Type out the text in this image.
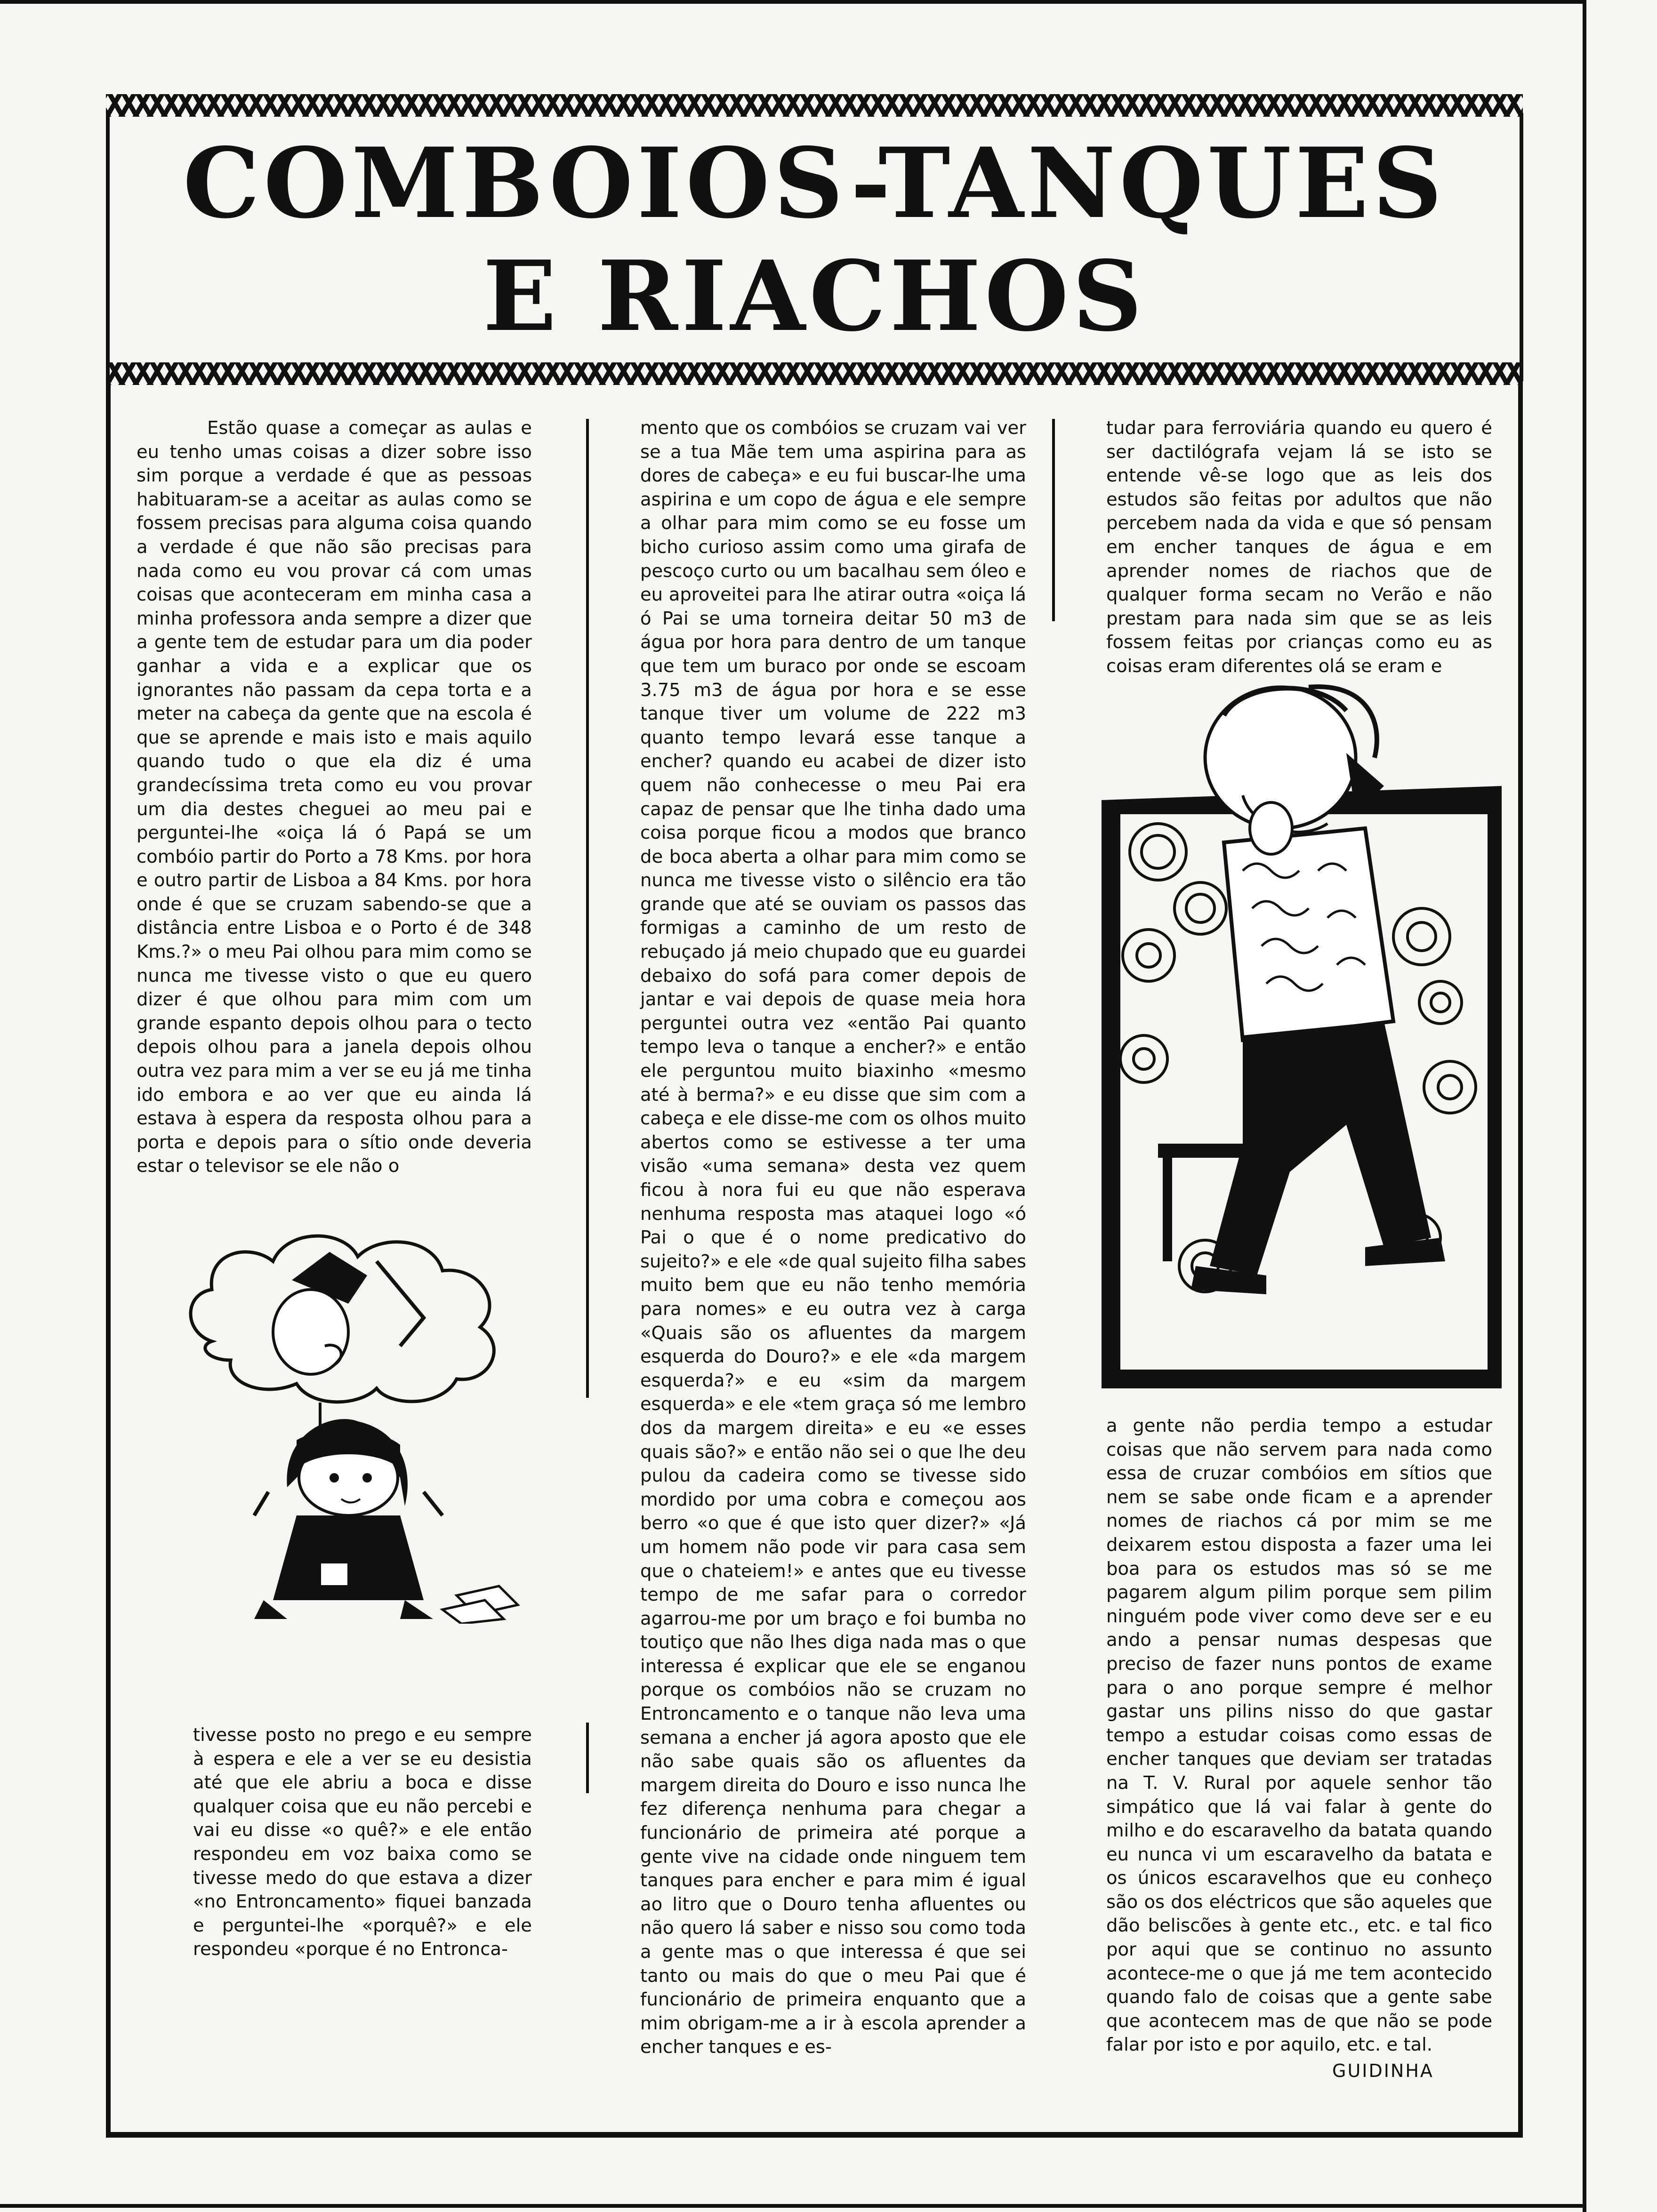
COMBOIOS-TANQUES
E RIACHOS

Estão quase a começar as aulas e eu tenho umas coisas a dizer sobre isso sim porque a verdade é que as pessoas habituaram-se a aceitar as aulas como se fossem precisas para alguma coisa quando a verdade é que não são precisas para nada como eu vou provar cá com umas coisas que aconteceram em minha casa a minha professora anda sempre a dizer que a gente tem de estudar para um dia poder ganhar a vida e a explicar que os ignorantes não passam da cepa torta e a meter na cabeça da gente que na escola é que se aprende e mais isto e mais aquilo quando tudo o que ela diz é uma grandecíssima treta como eu vou provar um dia destes cheguei ao meu pai e perguntei-lhe «oiça lá ó Papá se um combóio partir do Porto a 78 Kms. por hora e outro partir de Lisboa a 84 Kms. por hora onde é que se cruzam sabendo-se que a distância entre Lisboa e o Porto é de 348 Kms.?» o meu Pai olhou para mim como se nunca me tivesse visto o que eu quero dizer é que olhou para mim com um grande espanto depois olhou para o tecto depois olhou para a janela depois olhou outra vez para mim a ver se eu já me tinha ido embora e ao ver que eu ainda lá estava à espera da resposta olhou para a porta e depois para o sítio onde deveria estar o televisor se ele não o

tivesse posto no prego e eu sempre à espera e ele a ver se eu desistia até que ele abriu a boca e disse qualquer coisa que eu não percebi e vai eu disse «o quê?» e ele então respondeu em voz baixa como se tivesse medo do que estava a dizer «no Entroncamento» fiquei banzada e perguntei-lhe «porquê?» e ele respondeu «porque é no Entronca-

mento que os combóios se cruzam vai ver se a tua Mãe tem uma aspirina para as dores de cabeça» e eu fui buscar-lhe uma aspirina e um copo de água e ele sempre a olhar para mim como se eu fosse um bicho curioso assim como uma girafa de pescoço curto ou um bacalhau sem óleo e eu aproveitei para lhe atirar outra «oiça lá ó Pai se uma torneira deitar 50 m3 de água por hora para dentro de um tanque que tem um buraco por onde se escoam 3.75 m3 de água por hora e se esse tanque tiver um volume de 222 m3 quanto tempo levará esse tanque a encher? quando eu acabei de dizer isto quem não conhecesse o meu Pai era capaz de pensar que lhe tinha dado uma coisa porque ficou a modos que branco de boca aberta a olhar para mim como se nunca me tivesse visto o silêncio era tão grande que até se ouviam os passos das formigas a caminho de um resto de rebuçado já meio chupado que eu guardei debaixo do sofá para comer depois de jantar e vai depois de quase meia hora perguntei outra vez «então Pai quanto tempo leva o tanque a encher?» e então ele perguntou muito biaxinho «mesmo até à berma?» e eu disse que sim com a cabeça e ele disse-me com os olhos muito abertos como se estivesse a ter uma visão «uma semana» desta vez quem ficou à nora fui eu que não esperava nenhuma resposta mas ataquei logo «ó Pai o que é o nome predicativo do sujeito?» e ele «de qual sujeito filha sabes muito bem que eu não tenho memória para nomes» e eu outra vez à carga «Quais são os afluentes da margem esquerda do Douro?» e ele «da margem esquerda?» e eu «sim da margem esquerda» e ele «tem graça só me lembro dos da margem direita» e eu «e esses quais são?» e então não sei o que lhe deu pulou da cadeira como se tivesse sido mordido por uma cobra e começou aos berro «o que é que isto quer dizer?» «Já um homem não pode vir para casa sem que o chateiem!» e antes que eu tivesse tempo de me safar para o corredor agarrou-me por um braço e foi bumba no toutiço que não lhes diga nada mas o que interessa é explicar que ele se enganou porque os combóios não se cruzam no Entroncamento e o tanque não leva uma semana a encher já agora aposto que ele não sabe quais são os afluentes da margem direita do Douro e isso nunca lhe fez diferença nenhuma para chegar a funcionário de primeira até porque a gente vive na cidade onde ninguem tem tanques para encher e para mim é igual ao litro que o Douro tenha afluentes ou não quero lá saber e nisso sou como toda a gente mas o que interessa é que sei tanto ou mais do que o meu Pai que é funcionário de primeira enquanto que a mim obrigam-me a ir à escola aprender a encher tanques e es-

tudar para ferroviária quando eu quero é ser dactilógrafa vejam lá se isto se entende vê-se logo que as leis dos estudos são feitas por adultos que não percebem nada da vida e que só pensam em encher tanques de água e em aprender nomes de riachos que de qualquer forma secam no Verão e não prestam para nada sim que se as leis fossem feitas por crianças como eu as coisas eram diferentes olá se eram e

a gente não perdia tempo a estudar coisas que não servem para nada como essa de cruzar combóios em sítios que nem se sabe onde ficam e a aprender nomes de riachos cá por mim se me deixarem estou disposta a fazer uma lei boa para os estudos mas só se me pagarem algum pilim porque sem pilim ninguém pode viver como deve ser e eu ando a pensar numas despesas que preciso de fazer nuns pontos de exame para o ano porque sempre é melhor gastar uns pilins nisso do que gastar tempo a estudar coisas como essas de encher tanques que deviam ser tratadas na T. V. Rural por aquele senhor tão simpático que lá vai falar à gente do milho e do escaravelho da batata quando eu nunca vi um escaravelho da batata e os únicos escaravelhos que eu conheço são os dos eléctricos que são aqueles que dão beliscões à gente etc., etc. e tal fico por aqui que se continuo no assunto acontece-me o que já me tem acontecido quando falo de coisas que a gente sabe que acontecem mas de que não se pode falar por isto e por aquilo, etc. e tal.

GUIDINHA
